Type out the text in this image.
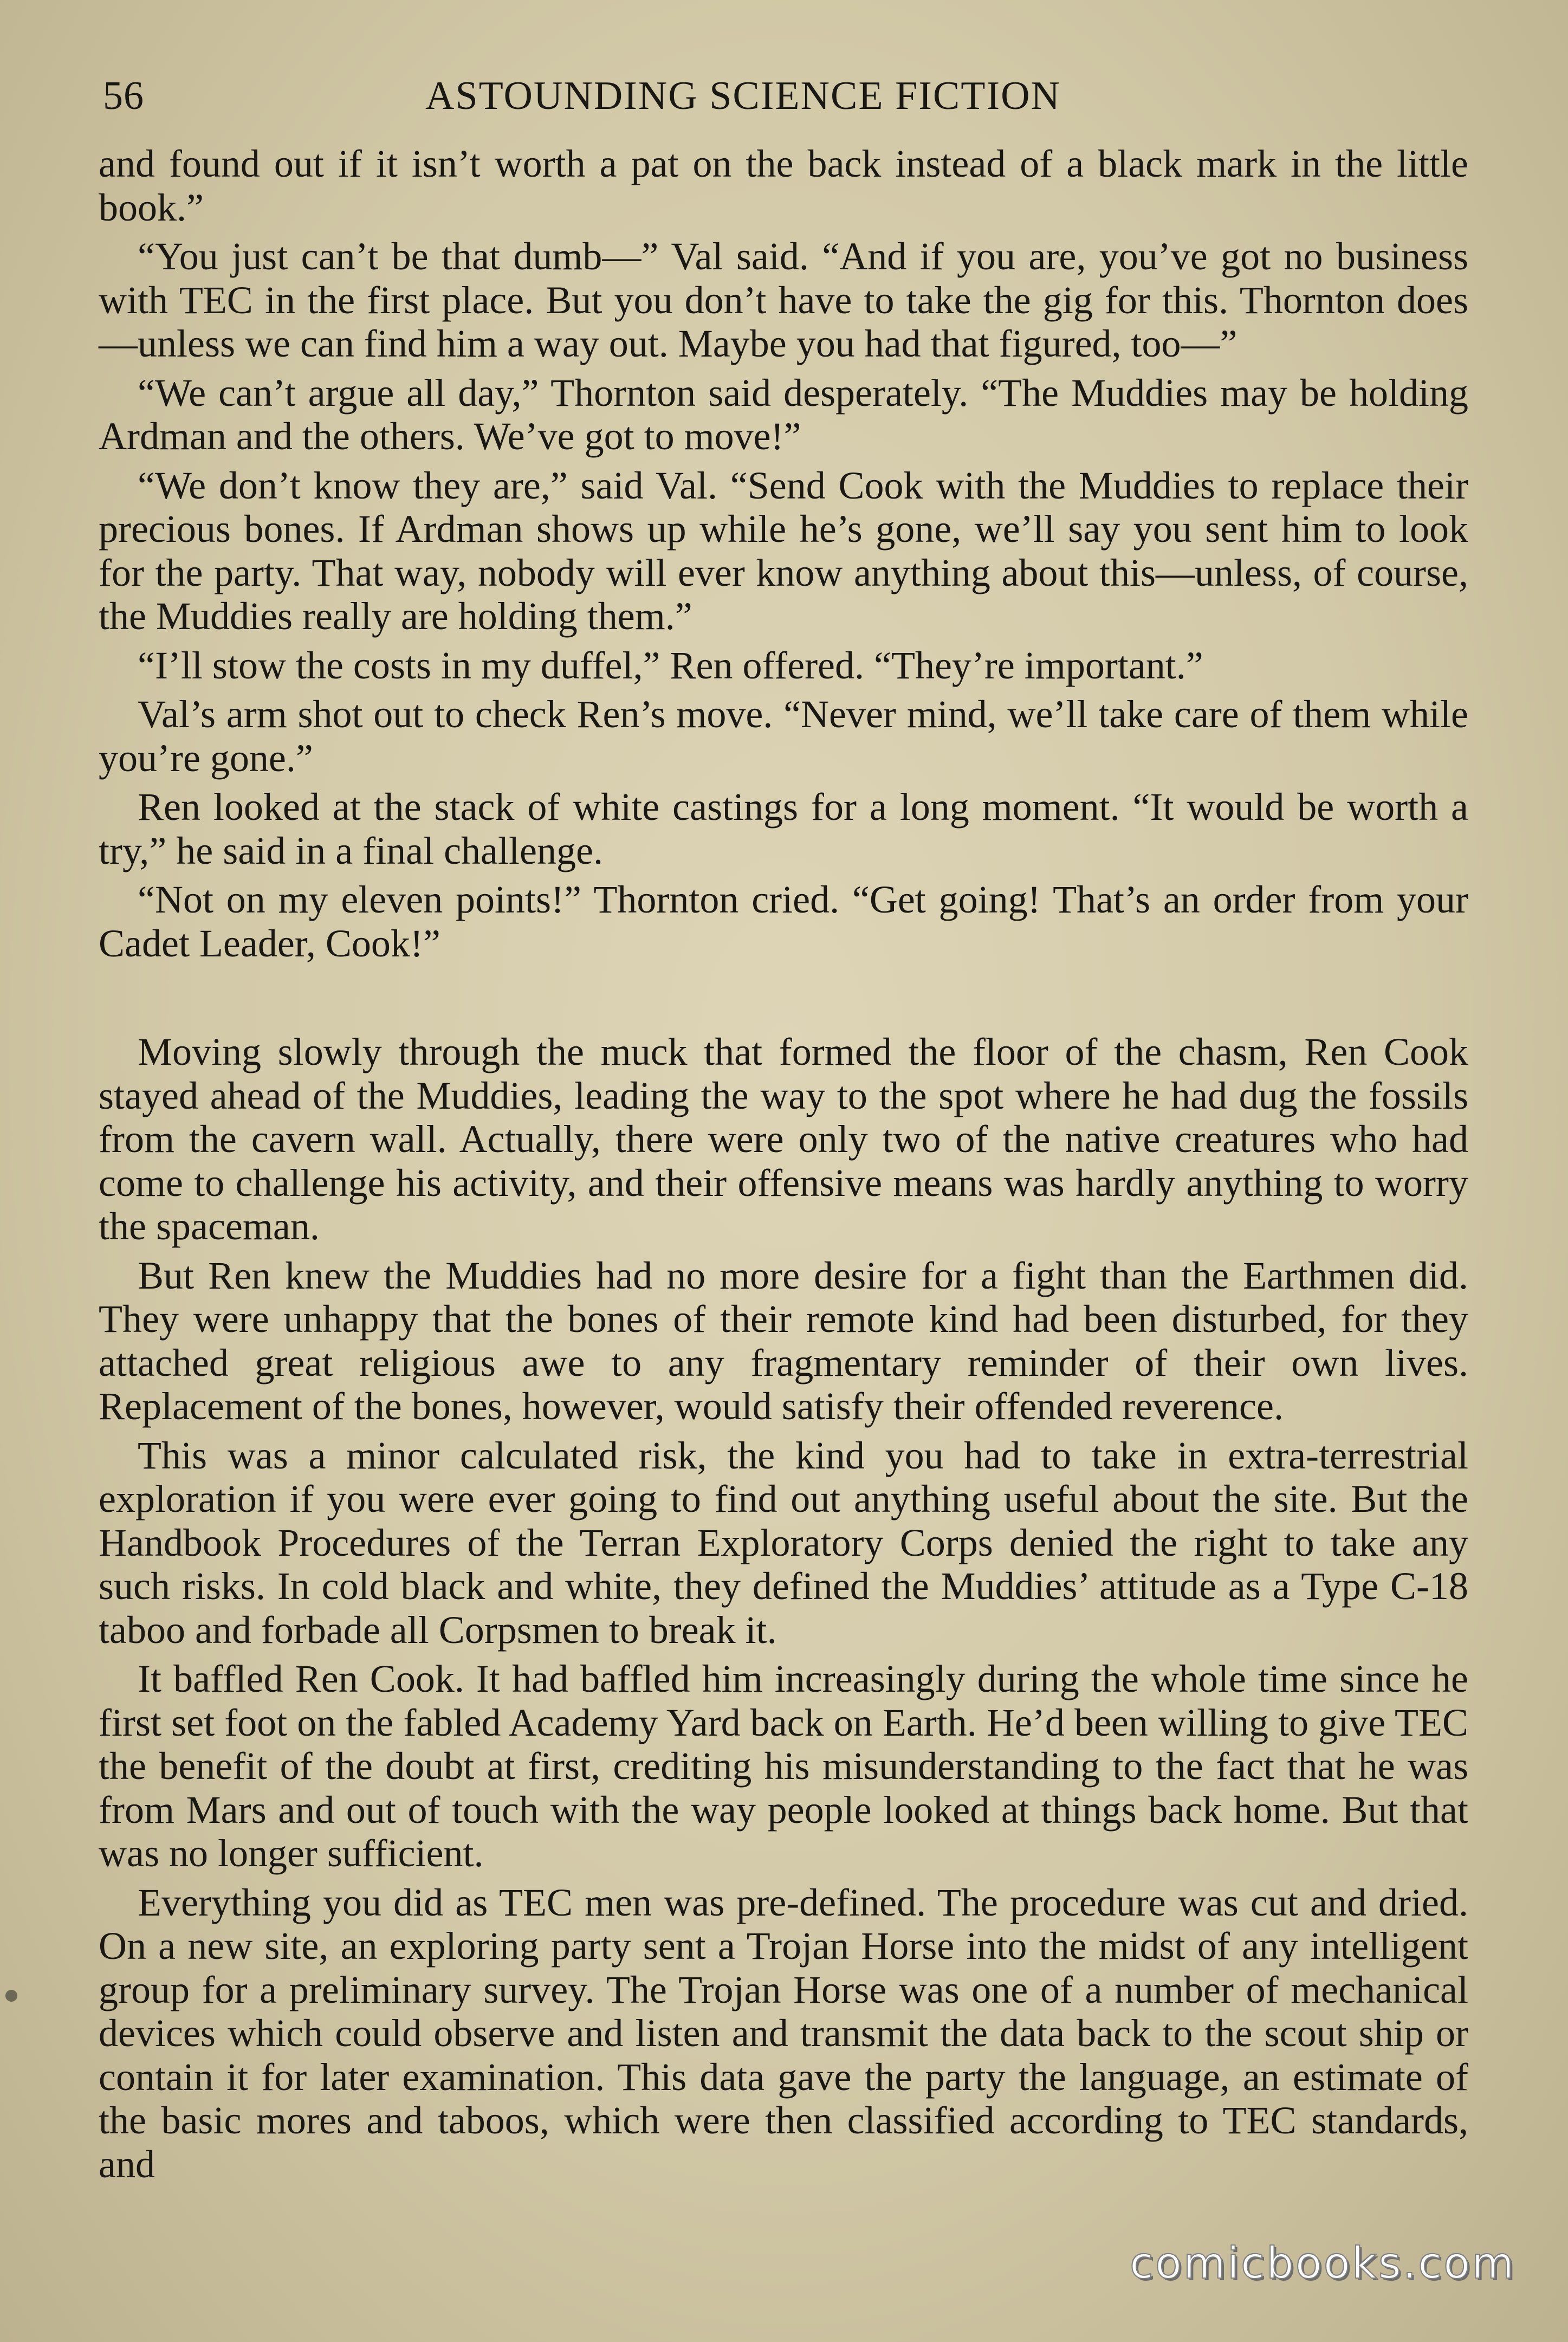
56	ASTOUNDING SCIENCE FICTION

and found out if it isn’t worth a pat on the back instead of a black mark in the little book.”

“You just can’t be that dumb—” Val said. “And if you are, you’ve got no business with TEC in the first place. But you don’t have to take the gig for this. Thornton does—unless we can find him a way out. Maybe you had that figured, too—”

“We can’t argue all day,” Thornton said desperately. “The Muddies may be holding Ardman and the others. We’ve got to move!”

“We don’t know they are,” said Val. “Send Cook with the Muddies to replace their precious bones. If Ardman shows up while he’s gone, we’ll say you sent him to look for the party. That way, nobody will ever know anything about this—unless, of course, the Muddies really are holding them.”

“I’ll stow the costs in my duffel,” Ren offered. “They’re important.”

Val’s arm shot out to check Ren’s move. “Never mind, we’ll take care of them while you’re gone.”

Ren looked at the stack of white castings for a long moment. “It would be worth a try,” he said in a final challenge.

“Not on my eleven points!” Thornton cried. “Get going! That’s an order from your Cadet Leader, Cook!”

Moving slowly through the muck that formed the floor of the chasm, Ren Cook stayed ahead of the Muddies, leading the way to the spot where he had dug the fossils from the cavern wall. Actually, there were only two of the native creatures who had come to challenge his activity, and their offensive means was hardly anything to worry the spaceman.

But Ren knew the Muddies had no more desire for a fight than the Earthmen did. They were unhappy that the bones of their remote kind had been disturbed, for they attached great religious awe to any fragmentary reminder of their own lives. Replacement of the bones, however, would satisfy their offended reverence.

This was a minor calculated risk, the kind you had to take in extra-terrestrial exploration if you were ever going to find out anything useful about the site. But the Handbook Procedures of the Terran Exploratory Corps denied the right to take any such risks. In cold black and white, they defined the Muddies’ attitude as a Type C-18 taboo and forbade all Corpsmen to break it.

It baffled Ren Cook. It had baffled him increasingly during the whole time since he first set foot on the fabled Academy Yard back on Earth. He’d been willing to give TEC the benefit of the doubt at first, crediting his misunderstanding to the fact that he was from Mars and out of touch with the way people looked at things back home. But that was no longer sufficient.

Everything you did as TEC men was pre-defined. The procedure was cut and dried. On a new site, an exploring party sent a Trojan Horse into the midst of any intelligent group for a preliminary survey. The Trojan Horse was one of a number of mechanical devices which could observe and listen and transmit the data back to the scout ship or contain it for later examination. This data gave the party the language, an estimate of the basic mores and taboos, which were then classified according to TEC standards, and

comicbooks.com
